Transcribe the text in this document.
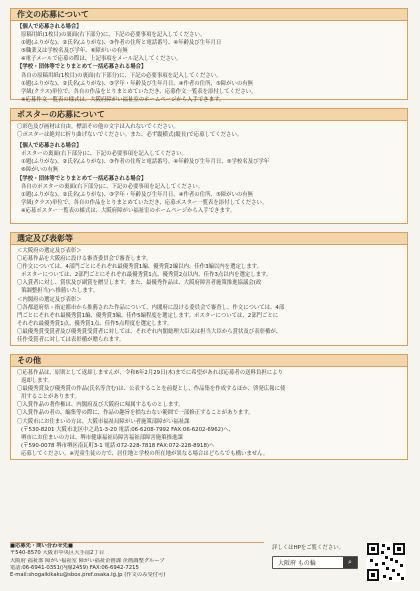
作文の応募について
【個人で応募される場合】
原稿用紙(1枚目)の裏面(右下部分)に、下記の必要事項を記入してください。
①題(ふりがな)、②氏名(ふりがな)、③作者の住所と電話番号、④年齢及び生年月日
⑤職業又は学校名及び学年、⑥障がいの有無
※電子メールで応募の際は、上記事項をメール記入してください。
【学校・団体等でとりまとめて一括応募される場合】
各自の原稿用紙(1枚目)の裏面(右下部分)に、下記の必要事項を記入してください。
①題(ふりがな)、②氏名(ふりがな)、③学年・年齢及び生年月日、④作者の住所、⑤障がいの有無
学級(クラス)単位で、各自の作品をとりまとめていただき、応募作文一覧表を添付してください。
※応募作文一覧表の様式は、大阪府障がい福祉室のホームページから入手できます。
ポスターの応募について
〇彩色及び画材は自由。標語その他の文字は入れないでください。
〇ポスターは絶対に折り曲げないでください。また、必ず縦横式(縦長)で応募してください。
【個人で応募される場合】
ポスターの裏面(右下部分)に、下記の必要事項を記入してください。
①題(ふりがな)、②氏名(ふりがな)、③作者の住所と電話番号、④年齢及び生年月日、⑤学校名及び学年
⑥障がいの有無
【学校・団体等でとりまとめて一括応募される場合】
各自のポスターの裏面(右下部分)に、下記の必要事項を記入してください。
①題(ふりがな)、②氏名(ふりがな)、③学年・年齢及び生年月日、④作者の住所、⑤障がいの有無
学級(クラス)単位で、各自の作品をとりまとめていただき、応募ポスター一覧表を添付してください。
※応募ポスター一覧表の様式は、大阪府障がい福祉室のホームページから入手できます。
選定及び表彰等
＜大阪府の選定及び表彰＞
〇応募作品を大阪府に設ける審査委員会で審査します。
〇作文については、4部門ごとにそれぞれ最優秀賞1編、優秀賞2編以内、佳作3編以内を選定します。
ポスターについては、2部門ごとにそれぞれ最優秀賞1点、優秀賞2点以内、佳作3点以内を選定します。
〇入賞者に対し、賞状及び副賞を贈呈します。また、最優秀作品は、大阪府障害者施策推進協議会(政
策調整担当)へ推薦いたします。
＜内閣府の選定及び表彰＞
〇各都道府県・指定都市から推薦された作品について、内閣府に設ける委員会で審査し、作文については、4部
門ごとにそれぞれ最優秀賞1編、優秀賞3編、佳作5編程度を選定します。ポスターについては、2部門ごとに
それぞれ最優秀賞1点、優秀賞1点、佳作5点程度を選定します。
〇最優秀賞受賞者及び優秀賞受賞者に対しては、それぞれ内閣総理大臣又は担当大臣から賞状及び表彰楯が、
佳作受賞者に対しては表彰楯が贈られます。
その他
〇応募作品は、原則として返却しませんが、令和6年2月29日(木)までに希望があれば応募者の送料負担により
返却します。
〇最優秀賞及び優秀賞の作品(氏名等含む)は、公表することを前提とし、作品集を作成するほか、啓発広報に使
用することがあります。
〇入賞作品の著作権は、内閣府及び大阪府に帰属するものとします。
〇入賞作品の者の、編集等の際に、作品の趣旨を損なわない範囲で一部修正することがあります。
〇大阪市にお住まいの方は、大阪市福祉局障がい者施策部障がい福祉課
(〒530-8201 大阪市北区中之島1-3-20 電話:06-6208-7992 FAX:06-6202-6962)へ、
堺市にお住まいの方は、堺市健康福祉局障害福祉部障害施策推進課
(〒590-0078 堺市堺区南瓦町3-1 電話:072-228-7818 FAX:072-228-8918)へ
応募してください。※児童生徒の方で、居住地と学校の所在地が異なる場合はどちらでも構いません。
■応募先・問い合わせ先■
〒540-8570 大阪市中央区大手前2丁目
大阪府 福祉部 障がい福祉室 障がい福祉企画課 企画調整グループ
電話:06-6941-0351(内線2459) FAX:06-6942-7215
E-mail:shogaikikaku@sbox.pref.osaka.lg.jp (作文のみ受付可)
詳しくはHPをご覧ください。
大阪府 もの輪	⌕
